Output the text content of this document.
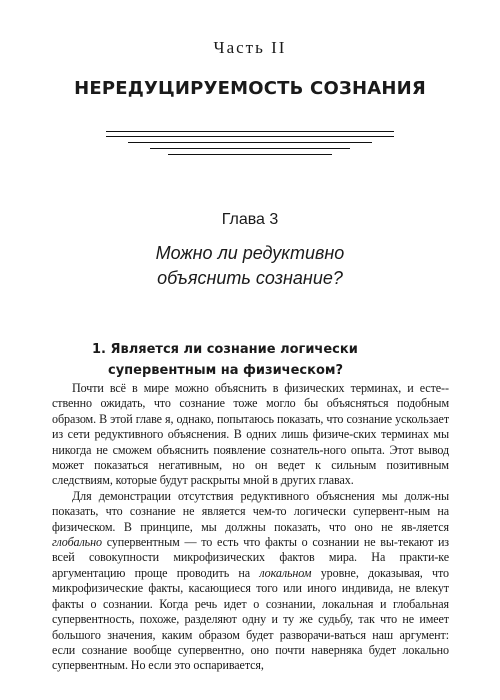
Часть II
НЕРЕДУЦИРУЕМОСТЬ СОЗНАНИЯ
Глава 3
Можно ли редуктивно
объяснить сознание?
1. Является ли сознание логически
супервентным на физическом?

Почти всё в мире можно объяснить в физических терминах, и есте-ственно ожидать, что сознание тоже могло бы объясняться подобным образом. В этой главе я, однако, попытаюсь показать, что сознание ускользает из сети редуктивного объяснения. В одних лишь физиче-ских терминах мы никогда не сможем объяснить появление сознатель-ного опыта. Этот вывод может показаться негативным, но он ведет к сильным позитивным следствиям, которые будут раскрыты мной в других главах.

Для демонстрации отсутствия редуктивного объяснения мы долж-ны показать, что сознание не является чем-то логически супервент-ным на физическом. В принципе, мы должны показать, что оно не яв-ляется глобально супервентным — то есть что факты о сознании не вы-текают из всей совокупности микрофизических фактов мира. На практи-ке аргументацию проще проводить на локальном уровне, доказывая, что микрофизические факты, касающиеся того или иного индивида, не влекут факты о сознании. Когда речь идет о сознании, локальная и глобальная супервентность, похоже, разделяют одну и ту же судьбу, так что не имеет большого значения, каким образом будет разворачи-ваться наш аргумент: если сознание вообще супервентно, оно почти наверняка будет локально супервентным. Но если это оспаривается,
